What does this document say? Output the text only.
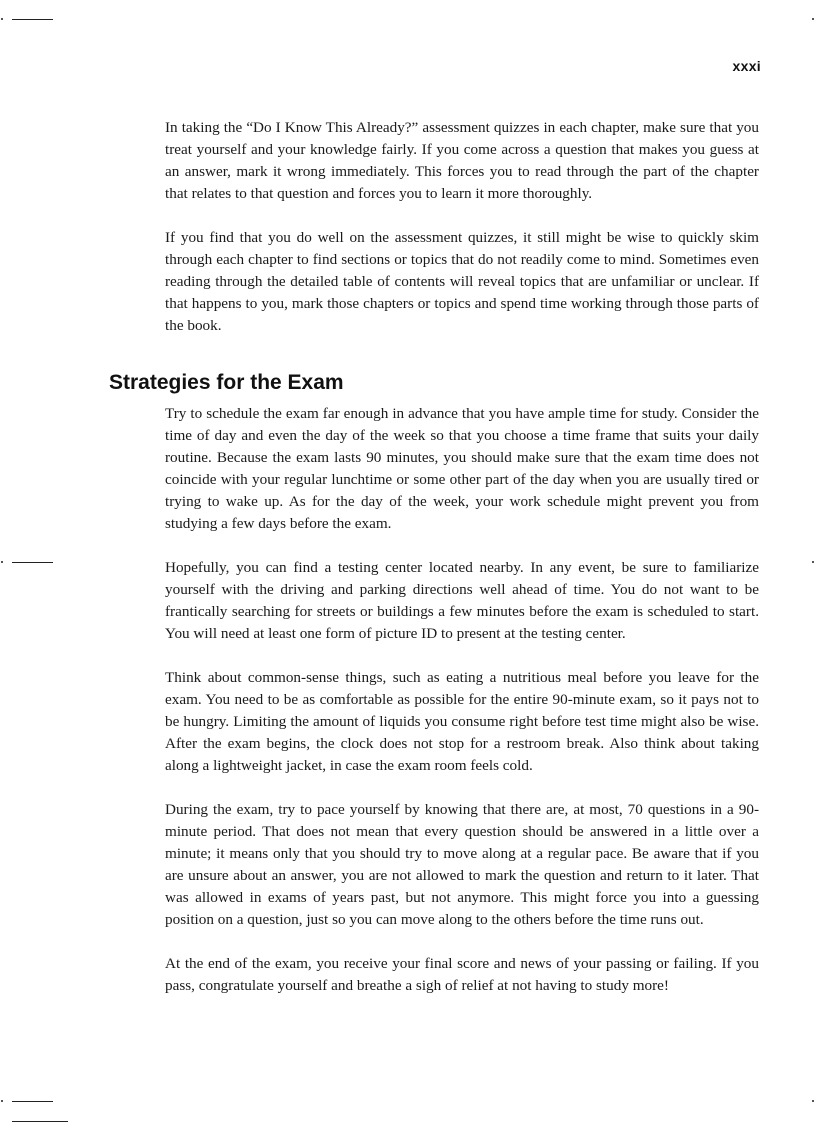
xxxi

In taking the “Do I Know This Already?” assessment quizzes in each chapter, make sure that you treat yourself and your knowledge fairly. If you come across a question that makes you guess at an answer, mark it wrong immediately. This forces you to read through the part of the chapter that relates to that question and forces you to learn it more thoroughly.

If you find that you do well on the assessment quizzes, it still might be wise to quickly skim through each chapter to find sections or topics that do not readily come to mind. Sometimes even reading through the detailed table of contents will reveal topics that are unfamiliar or unclear. If that happens to you, mark those chapters or topics and spend time working through those parts of the book.

Strategies for the Exam

Try to schedule the exam far enough in advance that you have ample time for study. Consider the time of day and even the day of the week so that you choose a time frame that suits your daily routine. Because the exam lasts 90 minutes, you should make sure that the exam time does not coincide with your regular lunchtime or some other part of the day when you are usually tired or trying to wake up. As for the day of the week, your work schedule might prevent you from studying a few days before the exam.

Hopefully, you can find a testing center located nearby. In any event, be sure to familiarize yourself with the driving and parking directions well ahead of time. You do not want to be frantically searching for streets or buildings a few minutes before the exam is scheduled to start. You will need at least one form of picture ID to present at the testing center.

Think about common-sense things, such as eating a nutritious meal before you leave for the exam. You need to be as comfortable as possible for the entire 90-minute exam, so it pays not to be hungry. Limiting the amount of liquids you consume right before test time might also be wise. After the exam begins, the clock does not stop for a restroom break. Also think about taking along a lightweight jacket, in case the exam room feels cold.

During the exam, try to pace yourself by knowing that there are, at most, 70 questions in a 90-minute period. That does not mean that every question should be answered in a little over a minute; it means only that you should try to move along at a regular pace. Be aware that if you are unsure about an answer, you are not allowed to mark the question and return to it later. That was allowed in exams of years past, but not anymore. This might force you into a guessing position on a question, just so you can move along to the others before the time runs out.

At the end of the exam, you receive your final score and news of your passing or failing. If you pass, congratulate yourself and breathe a sigh of relief at not having to study more!
